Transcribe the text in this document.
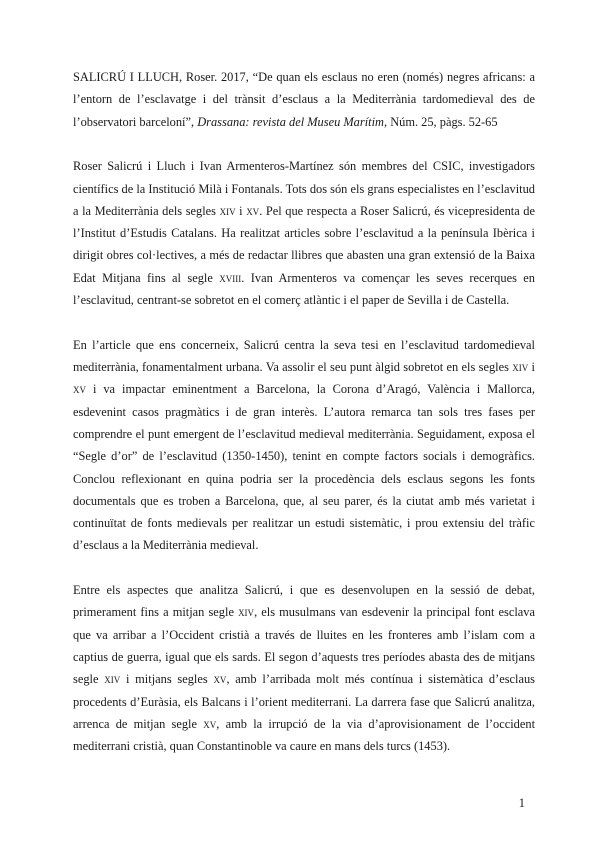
SALICRÚ I LLUCH, Roser. 2017, “De quan els esclaus no eren (només) negres africans: a l’entorn de l’esclavatge i del trànsit d’esclaus a la Mediterrània tardomedieval des de l’observatori barceloní”, Drassana: revista del Museu Marítim, Núm. 25, pàgs. 52-65

Roser Salicrú i Lluch i Ivan Armenteros-Martínez són membres del CSIC, investigadors científics de la Institució Milà i Fontanals. Tots dos són els grans especialistes en l’esclavitud a la Mediterrània dels segles xiv i xv. Pel que respecta a Roser Salicrú, és vicepresidenta de l’Institut d’Estudis Catalans. Ha realitzat articles sobre l’esclavitud a la península Ibèrica i dirigit obres col·lectives, a més de redactar llibres que abasten una gran extensió de la Baixa Edat Mitjana fins al segle xviii. Ivan Armenteros va començar les seves recerques en l’esclavitud, centrant-se sobretot en el comerç atlàntic i el paper de Sevilla i de Castella.

En l’article que ens concerneix, Salicrú centra la seva tesi en l’esclavitud tardomedieval mediterrània, fonamentalment urbana. Va assolir el seu punt àlgid sobretot en els segles xiv i xv i va impactar eminentment a Barcelona, la Corona d’Aragó, València i Mallorca, esdevenint casos pragmàtics i de gran interès. L’autora remarca tan sols tres fases per comprendre el punt emergent de l’esclavitud medieval mediterrània. Seguidament, exposa el “Segle d’or” de l’esclavitud (1350-1450), tenint en compte factors socials i demogràfics. Conclou reflexionant en quina podria ser la procedència dels esclaus segons les fonts documentals que es troben a Barcelona, que, al seu parer, és la ciutat amb més varietat i continuïtat de fonts medievals per realitzar un estudi sistemàtic, i prou extensiu del tràfic d’esclaus a la Mediterrània medieval.

Entre els aspectes que analitza Salicrú, i que es desenvolupen en la sessió de debat, primerament fins a mitjan segle xiv, els musulmans van esdevenir la principal font esclava que va arribar a l’Occident cristià a través de lluites en les fronteres amb l’islam com a captius de guerra, igual que els sards. El segon d’aquests tres períodes abasta des de mitjans segle xiv i mitjans segles xv, amb l’arribada molt més contínua i sistemàtica d’esclaus procedents d’Euràsia, els Balcans i l’orient mediterrani. La darrera fase que Salicrú analitza, arrenca de mitjan segle xv, amb la irrupció de la via d’aprovisionament de l’occident mediterrani cristià, quan Constantinoble va caure en mans dels turcs (1453).

1
